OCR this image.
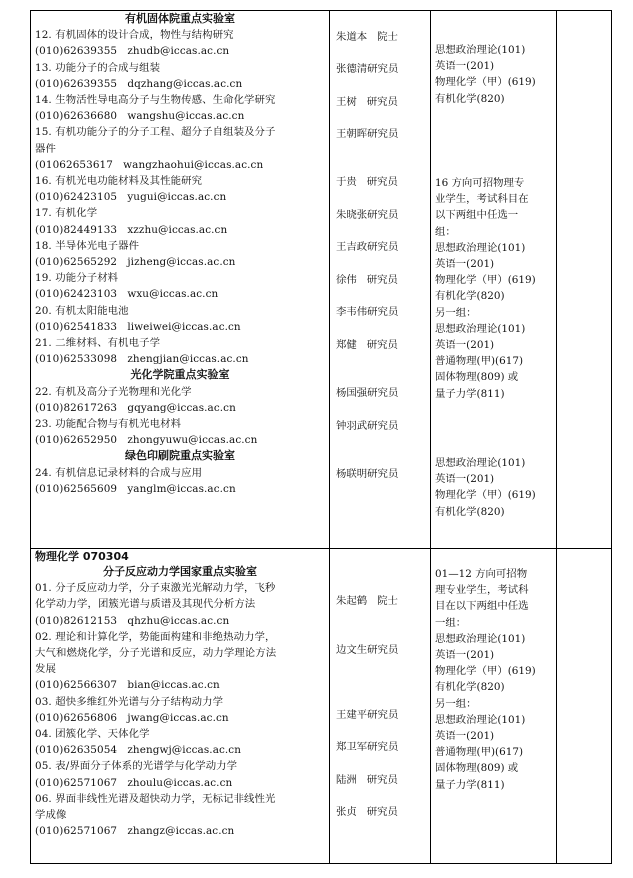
有机固体院重点实验室
12. 有机固体的设计合成，物性与结构研究
(010)62639355   zhudb@iccas.ac.cn
13. 功能分子的合成与组装
(010)62639355   dqzhang@iccas.ac.cn
14. 生物活性导电高分子与生物传感、生命化学研究
(010)62636680   wangshu@iccas.ac.cn
15. 有机功能分子的分子工程、超分子自组装及分子
器件
(01062653617   wangzhaohui@iccas.ac.cn
16. 有机光电功能材料及其性能研究
(010)62423105   yugui@iccas.ac.cn
17. 有机化学
(010)82449133   xzzhu@iccas.ac.cn
18. 半导体光电子器件
(010)62565292   jizheng@iccas.ac.cn
19. 功能分子材料
(010)62423103   wxu@iccas.ac.cn
20. 有机太阳能电池
(010)62541833   liweiwei@iccas.ac.cn
21. 二维材料、有机电子学
(010)62533098   zhengjian@iccas.ac.cn
光化学院重点实验室
22. 有机及高分子光物理和光化学
(010)82617263   gqyang@iccas.ac.cn
23. 功能配合物与有机光电材料
(010)62652950   zhongyuwu@iccas.ac.cn
绿色印刷院重点实验室
24. 有机信息记录材料的合成与应用
(010)62565609   yanglm@iccas.ac.cn

朱道本   院士
张德清研究员
王树   研究员
王朝晖研究员
于贵   研究员
朱晓张研究员
王吉政研究员
徐伟   研究员
李韦伟研究员
郑健   研究员
杨国强研究员
钟羽武研究员
杨联明研究员

思想政治理论(101)
英语一(201)
物理化学（甲）(619)
有机化学(820)
16 方向可招物理专
业学生，考试科目在
以下两组中任选一
组：
思想政治理论(101)
英语一(201)
物理化学（甲）(619)
有机化学(820)
另一组：
思想政治理论(101)
英语一(201)
普通物理(甲)(617)
固体物理(809) 或
量子力学(811)
思想政治理论(101)
英语一(201)
物理化学（甲）(619)
有机化学(820)

物理化学 070304
分子反应动力学国家重点实验室
01. 分子反应动力学，分子束激光光解动力学，飞秒
化学动力学，团簇光谱与质谱及其现代分析方法
(010)82612153   qhzhu@iccas.ac.cn
02. 理论和计算化学，势能面构建和非绝热动力学，
大气和燃烧化学，分子光谱和反应，动力学理论方法
发展
(010)62566307   bian@iccas.ac.cn
03. 超快多维红外光谱与分子结构动力学
(010)62656806   jwang@iccas.ac.cn
04. 团簇化学、天体化学
(010)62635054   zhengwj@iccas.ac.cn
05. 表/界面分子体系的光谱学与化学动力学
(010)62571067   zhoulu@iccas.ac.cn
06. 界面非线性光谱及超快动力学，无标记非线性光
学成像
(010)62571067   zhangz@iccas.ac.cn

朱起鹤   院士
边文生研究员
王建平研究员
郑卫军研究员
陆洲   研究员
张贞   研究员

01—12 方向可招物
理专业学生，考试科
目在以下两组中任选
一组：
思想政治理论(101)
英语一(201)
物理化学（甲）(619)
有机化学(820)
另一组：
思想政治理论(101)
英语一(201)
普通物理(甲)(617)
固体物理(809) 或
量子力学(811)
